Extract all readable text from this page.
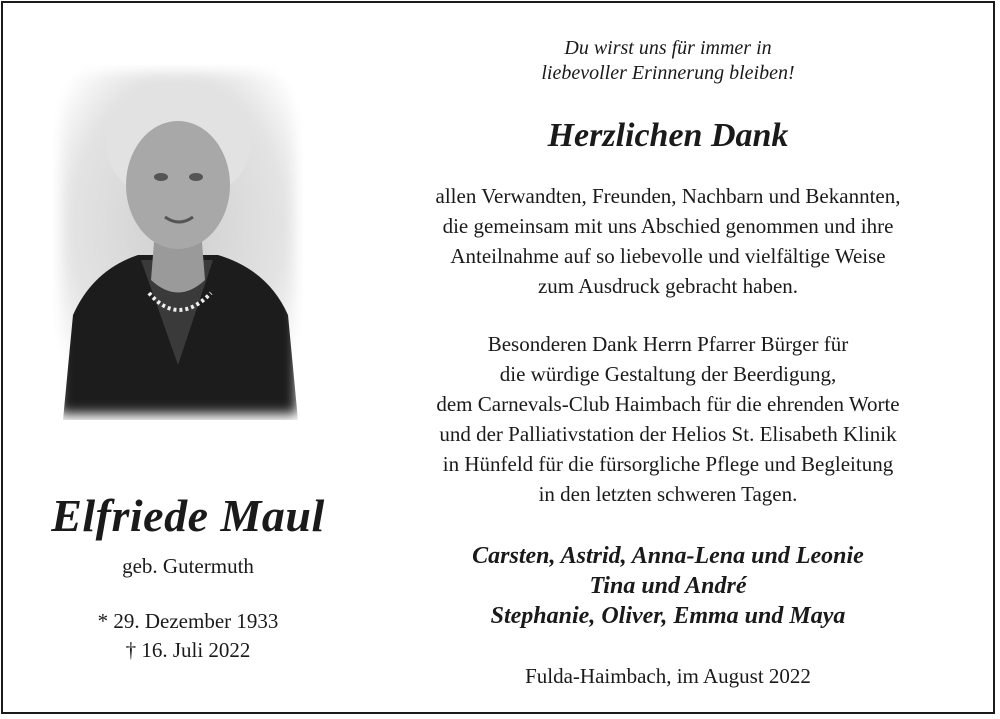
Elfriede Maul
geb. Gutermuth
* 29. Dezember 1933
† 16. Juli 2022
Du wirst uns für immer in
liebevoller Erinnerung bleiben!
Herzlichen Dank
allen Verwandten, Freunden, Nachbarn und Bekannten,
die gemeinsam mit uns Abschied genommen und ihre
Anteilnahme auf so liebevolle und vielfältige Weise
zum Ausdruck gebracht haben.
Besonderen Dank Herrn Pfarrer Bürger für
die würdige Gestaltung der Beerdigung,
dem Carnevals-Club Haimbach für die ehrenden Worte
und der Palliativstation der Helios St. Elisabeth Klinik
in Hünfeld für die fürsorgliche Pflege und Begleitung
in den letzten schweren Tagen.
Carsten, Astrid, Anna-Lena und Leonie
Tina und André
Stephanie, Oliver, Emma und Maya
Fulda-Haimbach, im August 2022
